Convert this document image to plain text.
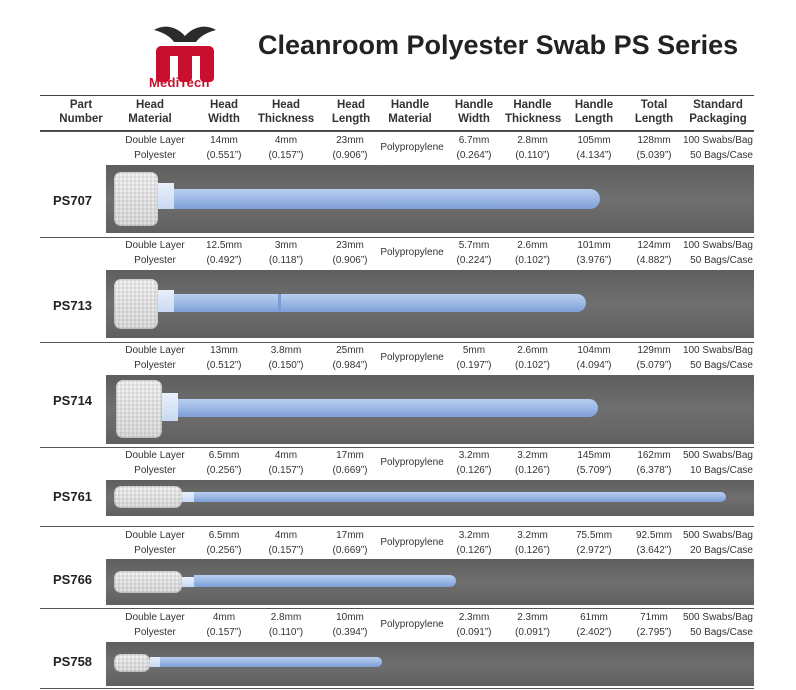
MediTech
Cleanroom Polyester Swab PS Series
Part
Number
Head
Material
Head
Width
Head
Thickness
Head
Length
Handle
Material
Handle
Width
Handle
Thickness
Handle
Length
Total
Length
Standard
Packaging
Double Layer
Polyester
14mm
(0.551”)
4mm
(0.157”)
23mm
(0.906”)
6.7mm
(0.264”)
2.8mm
(0.110”)
105mm
(4.134”)
128mm
(5.039”)
100 Swabs/Bag
50 Bags/Case
Polypropylene
PS707
Double Layer
Polyester
12.5mm
(0.492”)
3mm
(0.118”)
23mm
(0.906”)
5.7mm
(0.224”)
2.6mm
(0.102”)
101mm
(3.976”)
124mm
(4.882”)
100 Swabs/Bag
50 Bags/Case
Polypropylene
PS713
Double Layer
Polyester
13mm
(0.512”)
3.8mm
(0.150”)
25mm
(0.984”)
5mm
(0.197”)
2.6mm
(0.102”)
104mm
(4.094”)
129mm
(5.079”)
100 Swabs/Bag
50 Bags/Case
Polypropylene
PS714
Double Layer
Polyester
6.5mm
(0.256”)
4mm
(0.157”)
17mm
(0.669”)
3.2mm
(0.126”)
3.2mm
(0.126”)
145mm
(5.709”)
162mm
(6.378”)
500 Swabs/Bag
10 Bags/Case
Polypropylene
PS761
Double Layer
Polyester
6.5mm
(0.256”)
4mm
(0.157”)
17mm
(0.669”)
3.2mm
(0.126”)
3.2mm
(0.126”)
75.5mm
(2.972”)
92.5mm
(3.642”)
500 Swabs/Bag
20 Bags/Case
Polypropylene
PS766
Double Layer
Polyester
4mm
(0.157”)
2.8mm
(0.110”)
10mm
(0.394”)
2.3mm
(0.091”)
2.3mm
(0.091”)
61mm
(2.402”)
71mm
(2.795”)
500 Swabs/Bag
50 Bags/Case
Polypropylene
PS758
